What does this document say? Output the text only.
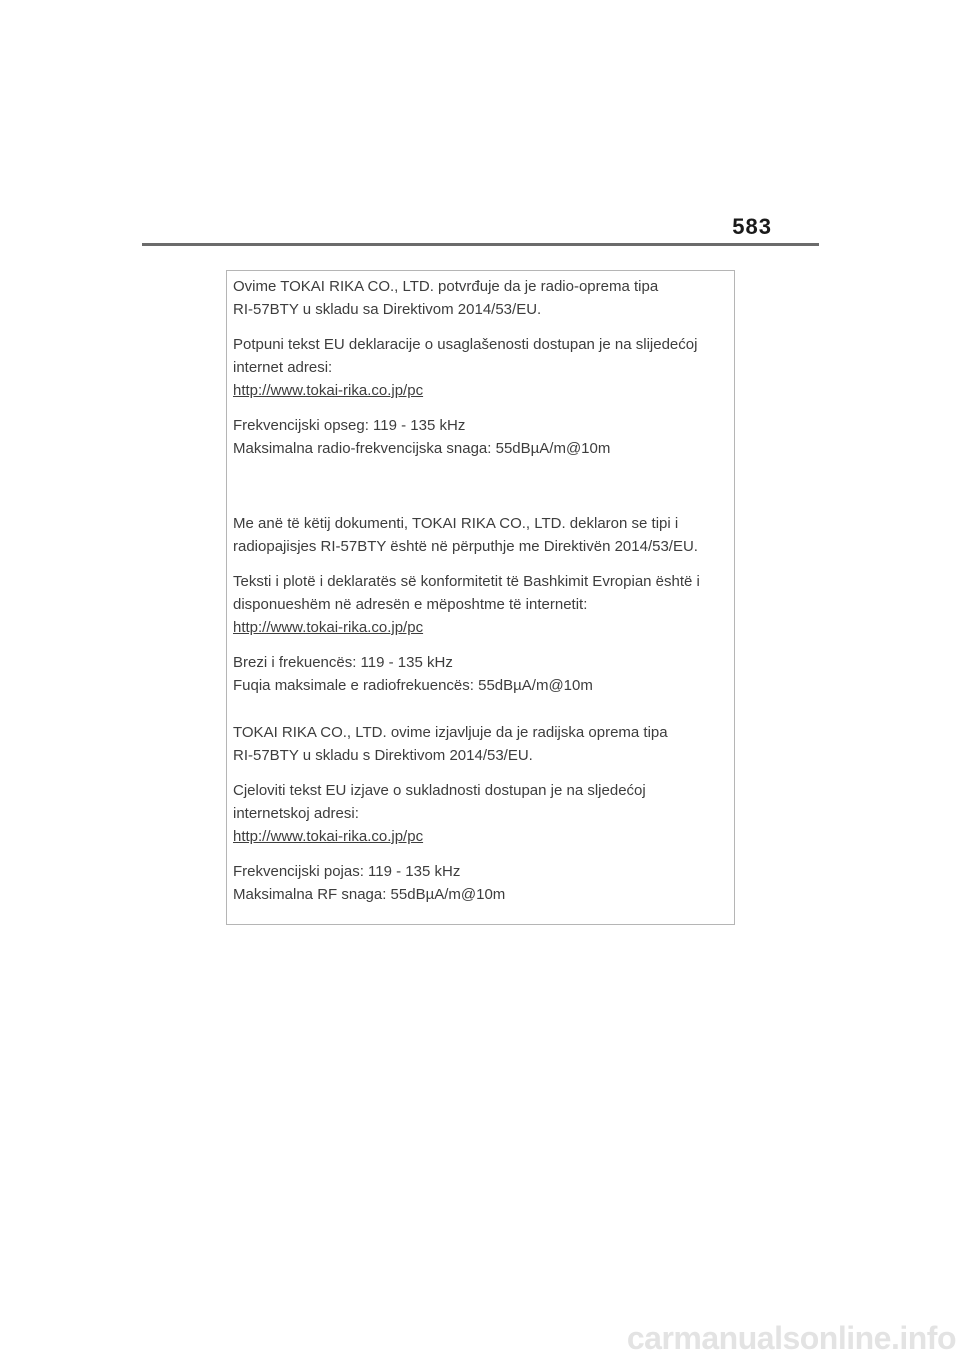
583

Ovime TOKAI RIKA CO., LTD. potvrđuje da je radio-oprema tipa
RI-57BTY u skladu sa Direktivom 2014/53/EU.

Potpuni tekst EU deklaracije o usaglašenosti dostupan je na slijedećoj
internet adresi:
http://www.tokai-rika.co.jp/pc

Frekvencijski opseg: 119 - 135 kHz
Maksimalna radio-frekvencijska snaga: 55dBµA/m@10m

Me anë të këtij dokumenti, TOKAI RIKA CO., LTD. deklaron se tipi i
radiopajisjes RI-57BTY është në përputhje me Direktivën 2014/53/EU.

Teksti i plotë i deklaratës së konformitetit të Bashkimit Evropian është i
disponueshëm në adresën e mëposhtme të internetit:
http://www.tokai-rika.co.jp/pc

Brezi i frekuencës: 119 - 135 kHz
Fuqia maksimale e radiofrekuencës: 55dBµA/m@10m

TOKAI RIKA CO., LTD. ovime izjavljuje da je radijska oprema tipa
RI-57BTY u skladu s Direktivom 2014/53/EU.

Cjeloviti tekst EU izjave o sukladnosti dostupan je na sljedećoj
internetskoj adresi:
http://www.tokai-rika.co.jp/pc

Frekvencijski pojas: 119 - 135 kHz
Maksimalna RF snaga: 55dBµA/m@10m

carmanualsonline.info
